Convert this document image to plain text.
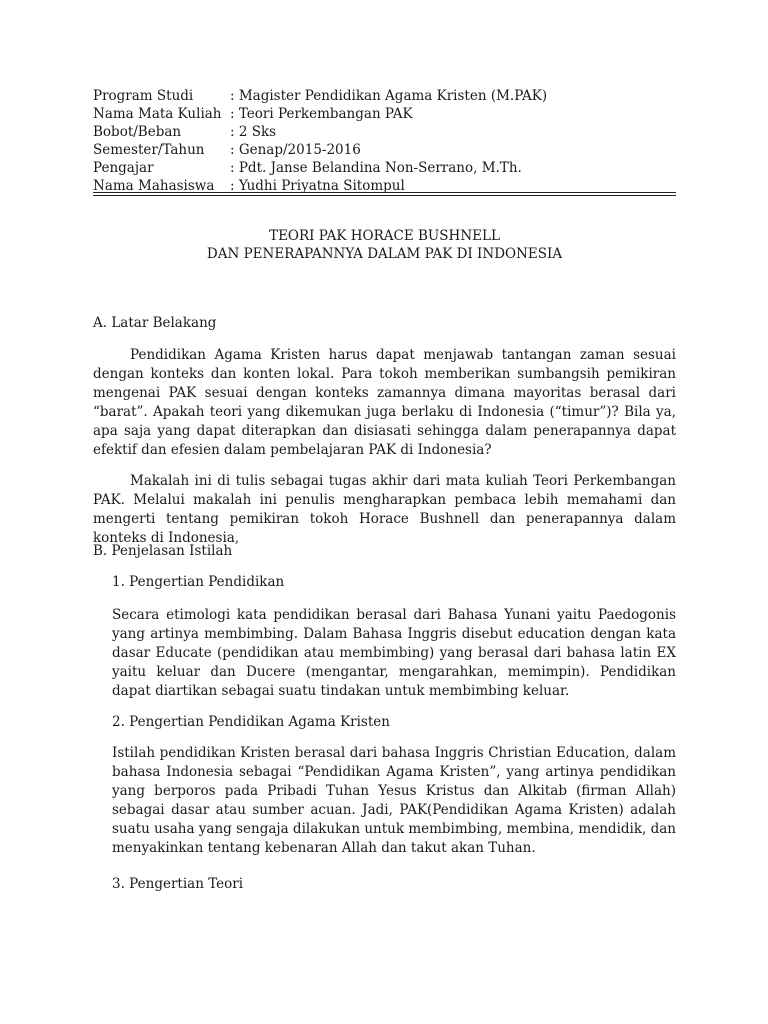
Program Studi	: Magister Pendidikan Agama Kristen (M.PAK)
Nama Mata Kuliah : Teori Perkembangan PAK
Bobot/Beban	: 2 Sks
Semester/Tahun	: Genap/2015-2016
Pengajar	: Pdt. Janse Belandina Non-Serrano, M.Th.
Nama Mahasiswa	: Yudhi Priyatna Sitompul
TEORI PAK HORACE BUSHNELL
DAN PENERAPANNYA DALAM PAK DI INDONESIA
A. Latar Belakang
Pendidikan Agama Kristen harus dapat menjawab tantangan zaman sesuai dengan konteks dan konten lokal. Para tokoh memberikan sumbangsih pemikiran mengenai PAK sesuai dengan konteks zamannya dimana mayoritas berasal dari “barat”. Apakah teori yang dikemukan juga berlaku di Indonesia (“timur”)? Bila ya, apa saja yang dapat diterapkan dan disiasati sehingga dalam penerapannya dapat efektif dan efesien dalam pembelajaran PAK di Indonesia?
Makalah ini di tulis sebagai tugas akhir dari mata kuliah Teori Perkembangan PAK. Melalui makalah ini penulis mengharapkan pembaca lebih memahami dan mengerti tentang pemikiran tokoh Horace Bushnell dan penerapannya dalam konteks di Indonesia,
B. Penjelasan Istilah
1. Pengertian Pendidikan
Secara etimologi kata pendidikan berasal dari Bahasa Yunani yaitu Paedogonis yang artinya membimbing. Dalam Bahasa Inggris disebut education dengan kata dasar Educate (pendidikan atau membimbing) yang berasal dari bahasa latin EX yaitu keluar dan Ducere (mengantar, mengarahkan, memimpin). Pendidikan dapat diartikan sebagai suatu tindakan untuk membimbing keluar.
2. Pengertian Pendidikan Agama Kristen
Istilah pendidikan Kristen berasal dari bahasa Inggris Christian Education, dalam bahasa Indonesia sebagai “Pendidikan Agama Kristen”, yang artinya pendidikan yang berporos pada Pribadi Tuhan Yesus Kristus dan Alkitab (firman Allah) sebagai dasar atau sumber acuan. Jadi, PAK(Pendidikan Agama Kristen) adalah suatu usaha yang sengaja dilakukan untuk membimbing, membina, mendidik, dan menyakinkan tentang kebenaran Allah dan takut akan Tuhan.
3. Pengertian Teori
